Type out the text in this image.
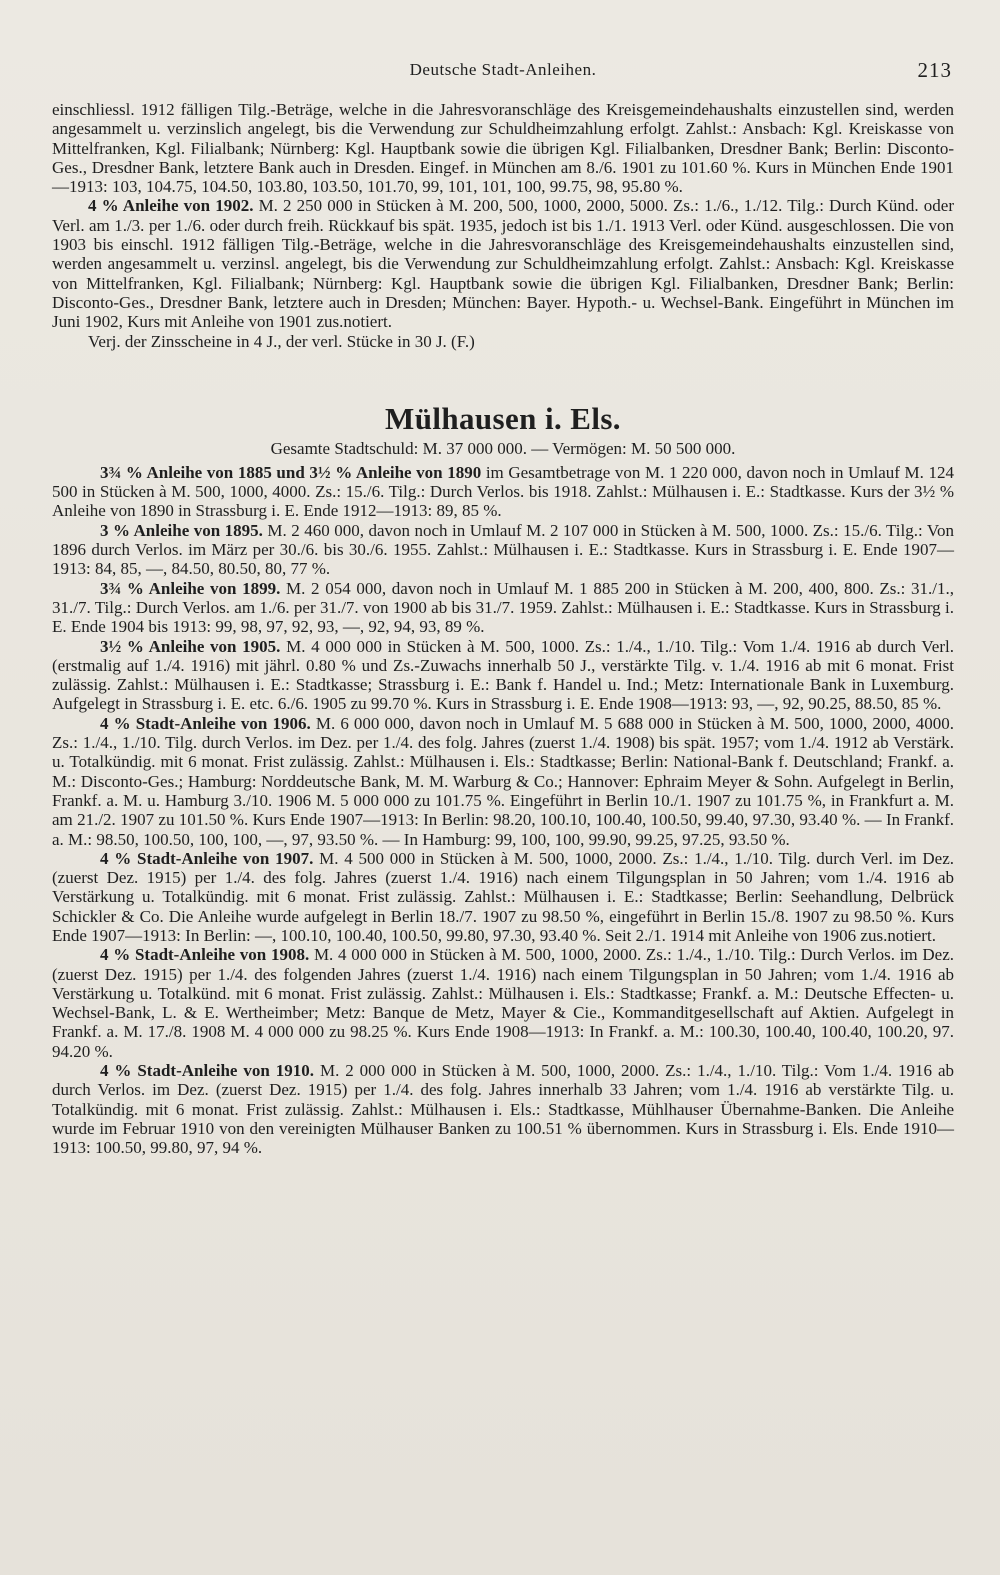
Deutsche Stadt-Anleihen.	213

einschliessl. 1912 fälligen Tilg.-Beträge, welche in die Jahresvoranschläge des Kreisgemeindehaushalts einzustellen sind, werden angesammelt u. verzinslich angelegt, bis die Verwendung zur Schuldheimzahlung erfolgt. Zahlst.: Ansbach: Kgl. Kreiskasse von Mittelfranken, Kgl. Filialbank; Nürnberg: Kgl. Hauptbank sowie die übrigen Kgl. Filialbanken, Dresdner Bank; Berlin: Disconto-Ges., Dresdner Bank, letztere Bank auch in Dresden. Eingef. in München am 8./6. 1901 zu 101.60 %. Kurs in München Ende 1901—1913: 103, 104.75, 104.50, 103.80, 103.50, 101.70, 99, 101, 101, 100, 99.75, 98, 95.80 %.

4 % Anleihe von 1902. M. 2 250 000 in Stücken à M. 200, 500, 1000, 2000, 5000. Zs.: 1./6., 1./12. Tilg.: Durch Künd. oder Verl. am 1./3. per 1./6. oder durch freih. Rückkauf bis spät. 1935, jedoch ist bis 1./1. 1913 Verl. oder Künd. ausgeschlossen. Die von 1903 bis einschl. 1912 fälligen Tilg.-Beträge, welche in die Jahresvoranschläge des Kreisgemeindehaushalts einzustellen sind, werden angesammelt u. verzinsl. angelegt, bis die Verwendung zur Schuldheimzahlung erfolgt. Zahlst.: Ansbach: Kgl. Kreiskasse von Mittelfranken, Kgl. Filialbank; Nürnberg: Kgl. Hauptbank sowie die übrigen Kgl. Filialbanken, Dresdner Bank; Berlin: Disconto-Ges., Dresdner Bank, letztere auch in Dresden; München: Bayer. Hypoth.- u. Wechsel-Bank. Eingeführt in München im Juni 1902, Kurs mit Anleihe von 1901 zus.notiert.

Verj. der Zinsscheine in 4 J., der verl. Stücke in 30 J. (F.)

Mülhausen i. Els.
Gesamte Stadtschuld: M. 37 000 000. — Vermögen: M. 50 500 000.

3¾ % Anleihe von 1885 und 3½ % Anleihe von 1890 im Gesamtbetrage von M. 1 220 000, davon noch in Umlauf M. 124 500 in Stücken à M. 500, 1000, 4000. Zs.: 15./6. Tilg.: Durch Verlos. bis 1918. Zahlst.: Mülhausen i. E.: Stadtkasse. Kurs der 3½ % Anleihe von 1890 in Strassburg i. E. Ende 1912—1913: 89, 85 %.

3 % Anleihe von 1895. M. 2 460 000, davon noch in Umlauf M. 2 107 000 in Stücken à M. 500, 1000. Zs.: 15./6. Tilg.: Von 1896 durch Verlos. im März per 30./6. bis 30./6. 1955. Zahlst.: Mülhausen i. E.: Stadtkasse. Kurs in Strassburg i. E. Ende 1907—1913: 84, 85, —, 84.50, 80.50, 80, 77 %.

3¾ % Anleihe von 1899. M. 2 054 000, davon noch in Umlauf M. 1 885 200 in Stücken à M. 200, 400, 800. Zs.: 31./1., 31./7. Tilg.: Durch Verlos. am 1./6. per 31./7. von 1900 ab bis 31./7. 1959. Zahlst.: Mülhausen i. E.: Stadtkasse. Kurs in Strassburg i. E. Ende 1904 bis 1913: 99, 98, 97, 92, 93, —, 92, 94, 93, 89 %.

3½ % Anleihe von 1905. M. 4 000 000 in Stücken à M. 500, 1000. Zs.: 1./4., 1./10. Tilg.: Vom 1./4. 1916 ab durch Verl. (erstmalig auf 1./4. 1916) mit jährl. 0.80 % und Zs.-Zuwachs innerhalb 50 J., verstärkte Tilg. v. 1./4. 1916 ab mit 6 monat. Frist zulässig. Zahlst.: Mülhausen i. E.: Stadtkasse; Strassburg i. E.: Bank f. Handel u. Ind.; Metz: Internationale Bank in Luxemburg. Aufgelegt in Strassburg i. E. etc. 6./6. 1905 zu 99.70 %. Kurs in Strassburg i. E. Ende 1908—1913: 93, —, 92, 90.25, 88.50, 85 %.

4 % Stadt-Anleihe von 1906. M. 6 000 000, davon noch in Umlauf M. 5 688 000 in Stücken à M. 500, 1000, 2000, 4000. Zs.: 1./4., 1./10. Tilg. durch Verlos. im Dez. per 1./4. des folg. Jahres (zuerst 1./4. 1908) bis spät. 1957; vom 1./4. 1912 ab Verstärk. u. Totalkündig. mit 6 monat. Frist zulässig. Zahlst.: Mülhausen i. Els.: Stadtkasse; Berlin: National-Bank f. Deutschland; Frankf. a. M.: Disconto-Ges.; Hamburg: Norddeutsche Bank, M. M. Warburg & Co.; Hannover: Ephraim Meyer & Sohn. Aufgelegt in Berlin, Frankf. a. M. u. Hamburg 3./10. 1906 M. 5 000 000 zu 101.75 %. Eingeführt in Berlin 10./1. 1907 zu 101.75 %, in Frankfurt a. M. am 21./2. 1907 zu 101.50 %. Kurs Ende 1907—1913: In Berlin: 98.20, 100.10, 100.40, 100.50, 99.40, 97.30, 93.40 %. — In Frankf. a. M.: 98.50, 100.50, 100, 100, —, 97, 93.50 %. — In Hamburg: 99, 100, 100, 99.90, 99.25, 97.25, 93.50 %.

4 % Stadt-Anleihe von 1907. M. 4 500 000 in Stücken à M. 500, 1000, 2000. Zs.: 1./4., 1./10. Tilg. durch Verl. im Dez. (zuerst Dez. 1915) per 1./4. des folg. Jahres (zuerst 1./4. 1916) nach einem Tilgungsplan in 50 Jahren; vom 1./4. 1916 ab Verstärkung u. Totalkündig. mit 6 monat. Frist zulässig. Zahlst.: Mülhausen i. E.: Stadtkasse; Berlin: Seehandlung, Delbrück Schickler & Co. Die Anleihe wurde aufgelegt in Berlin 18./7. 1907 zu 98.50 %, eingeführt in Berlin 15./8. 1907 zu 98.50 %. Kurs Ende 1907—1913: In Berlin: —, 100.10, 100.40, 100.50, 99.80, 97.30, 93.40 %. Seit 2./1. 1914 mit Anleihe von 1906 zus.notiert.

4 % Stadt-Anleihe von 1908. M. 4 000 000 in Stücken à M. 500, 1000, 2000. Zs.: 1./4., 1./10. Tilg.: Durch Verlos. im Dez. (zuerst Dez. 1915) per 1./4. des folgenden Jahres (zuerst 1./4. 1916) nach einem Tilgungsplan in 50 Jahren; vom 1./4. 1916 ab Verstärkung u. Totalkünd. mit 6 monat. Frist zulässig. Zahlst.: Mülhausen i. Els.: Stadtkasse; Frankf. a. M.: Deutsche Effecten- u. Wechsel-Bank, L. & E. Wertheimber; Metz: Banque de Metz, Mayer & Cie., Kommanditgesellschaft auf Aktien. Aufgelegt in Frankf. a. M. 17./8. 1908 M. 4 000 000 zu 98.25 %. Kurs Ende 1908—1913: In Frankf. a. M.: 100.30, 100.40, 100.40, 100.20, 97. 94.20 %.

4 % Stadt-Anleihe von 1910. M. 2 000 000 in Stücken à M. 500, 1000, 2000. Zs.: 1./4., 1./10. Tilg.: Vom 1./4. 1916 ab durch Verlos. im Dez. (zuerst Dez. 1915) per 1./4. des folg. Jahres innerhalb 33 Jahren; vom 1./4. 1916 ab verstärkte Tilg. u. Totalkündig. mit 6 monat. Frist zulässig. Zahlst.: Mülhausen i. Els.: Stadtkasse, Mühlhauser Übernahme-Banken. Die Anleihe wurde im Februar 1910 von den vereinigten Mülhauser Banken zu 100.51 % übernommen. Kurs in Strassburg i. Els. Ende 1910—1913: 100.50, 99.80, 97, 94 %.
